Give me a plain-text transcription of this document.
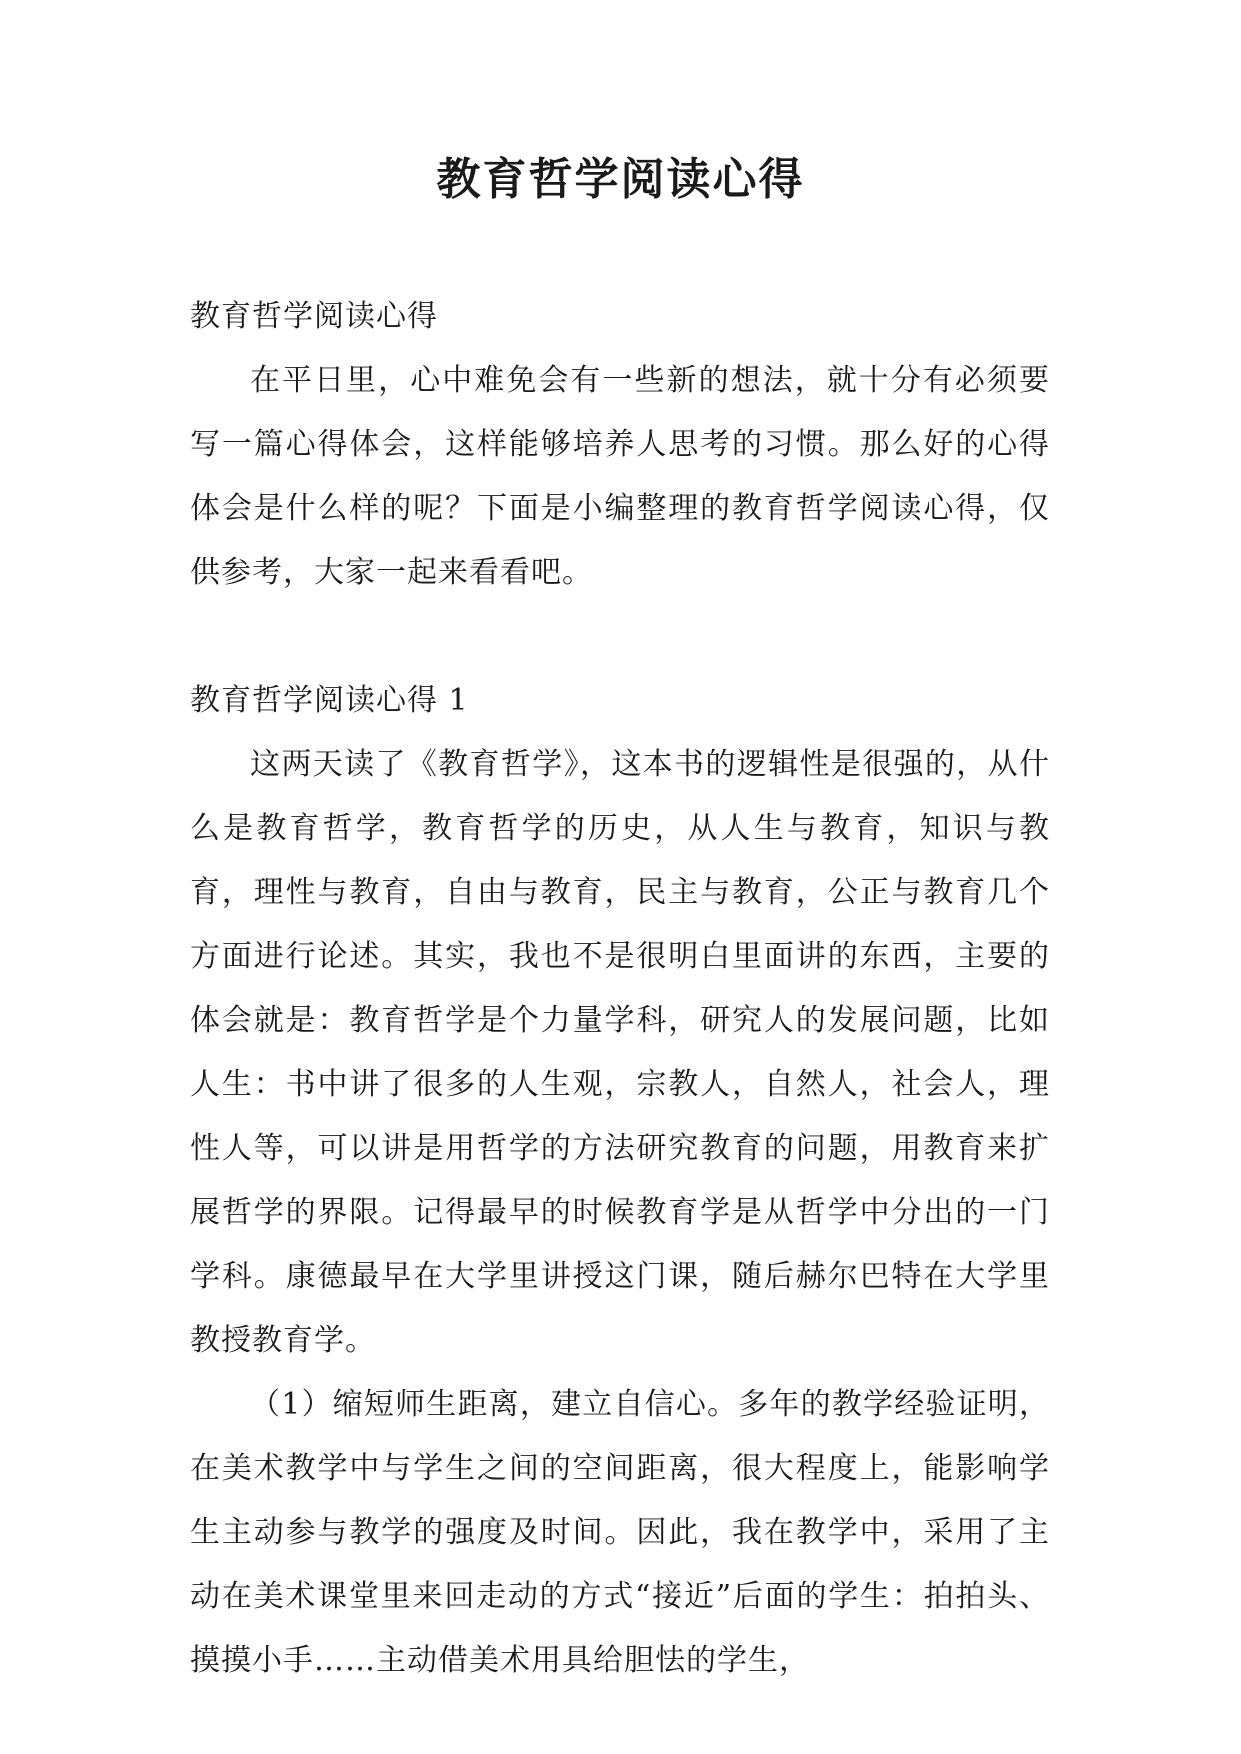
教育哲学阅读心得

教育哲学阅读心得

在平日里，心中难免会有一些新的想法，就十分有必须要写一篇心得体会，这样能够培养人思考的习惯。那么好的心得体会是什么样的呢？下面是小编整理的教育哲学阅读心得，仅供参考，大家一起来看看吧。

教育哲学阅读心得 1

这两天读了《教育哲学》，这本书的逻辑性是很强的，从什么是教育哲学，教育哲学的历史，从人生与教育，知识与教育，理性与教育，自由与教育，民主与教育，公正与教育几个方面进行论述。其实，我也不是很明白里面讲的东西，主要的体会就是：教育哲学是个力量学科，研究人的发展问题，比如人生：书中讲了很多的人生观，宗教人，自然人，社会人，理性人等，可以讲是用哲学的方法研究教育的问题，用教育来扩展哲学的界限。记得最早的时候教育学是从哲学中分出的一门学科。康德最早在大学里讲授这门课，随后赫尔巴特在大学里教授教育学。

（1）缩短师生距离，建立自信心。多年的教学经验证明，在美术教学中与学生之间的空间距离，很大程度上，能影响学生主动参与教学的强度及时间。因此，我在教学中，采用了主动在美术课堂里来回走动的方式“接近”后面的学生：拍拍头、摸摸小手……主动借美术用具给胆怯的学生，
